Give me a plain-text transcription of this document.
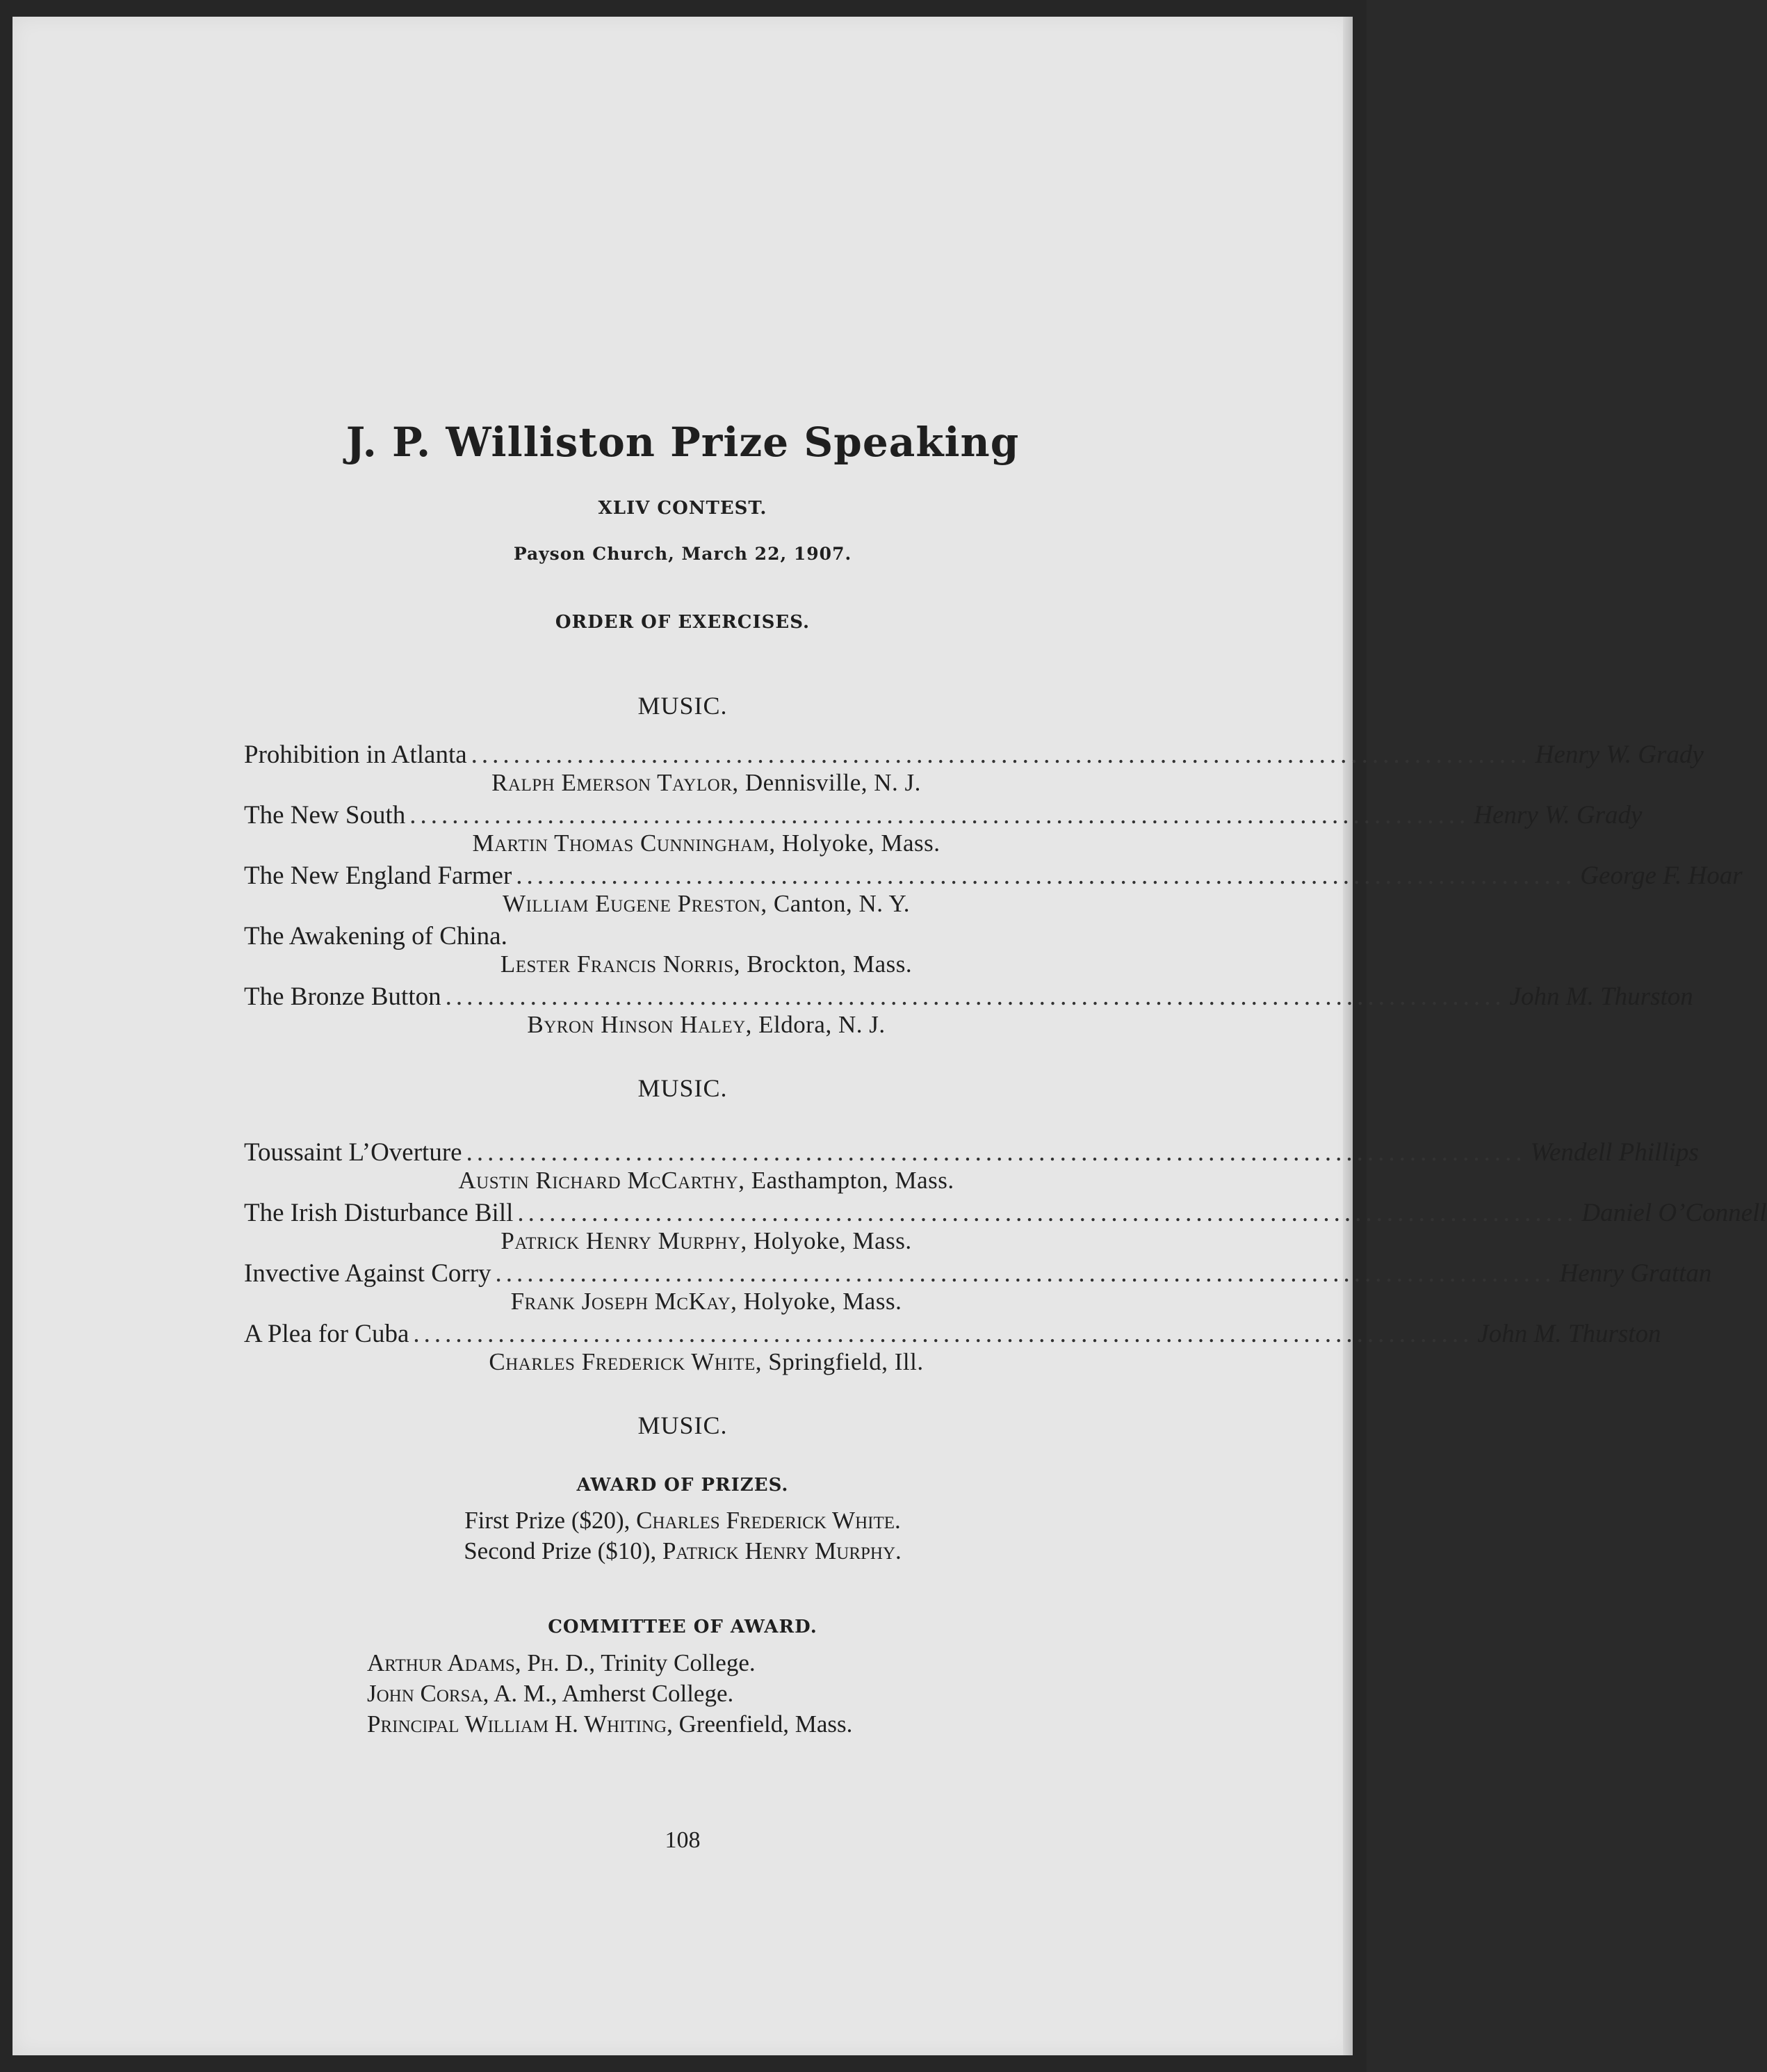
J. P. Williston Prize Speaking
XLIV CONTEST.
Payson Church, March 22, 1907.
ORDER OF EXERCISES.
MUSIC.
Prohibition in Atlanta .................................................................................................... Henry W. Grady
Ralph Emerson Taylor, Dennisville, N. J.
The New South .................................................................................................... Henry W. Grady
Martin Thomas Cunningham, Holyoke, Mass.
The New England Farmer .................................................................................................... George F. Hoar
William Eugene Preston, Canton, N. Y.
The Awakening of China.
Lester Francis Norris, Brockton, Mass.
The Bronze Button .................................................................................................... John M. Thurston
Byron Hinson Haley, Eldora, N. J.
MUSIC.
Toussaint L’Overture .................................................................................................... Wendell Phillips
Austin Richard McCarthy, Easthampton, Mass.
The Irish Disturbance Bill .................................................................................................... Daniel O’Connell
Patrick Henry Murphy, Holyoke, Mass.
Invective Against Corry .................................................................................................... Henry Grattan
Frank Joseph McKay, Holyoke, Mass.
A Plea for Cuba .................................................................................................... John M. Thurston
Charles Frederick White, Springfield, Ill.
MUSIC.
AWARD OF PRIZES.
First Prize ($20), Charles Frederick White.
Second Prize ($10), Patrick Henry Murphy.
COMMITTEE OF AWARD.
Arthur Adams, Ph. D., Trinity College.
John Corsa, A. M., Amherst College.
Principal William H. Whiting, Greenfield, Mass.
108
